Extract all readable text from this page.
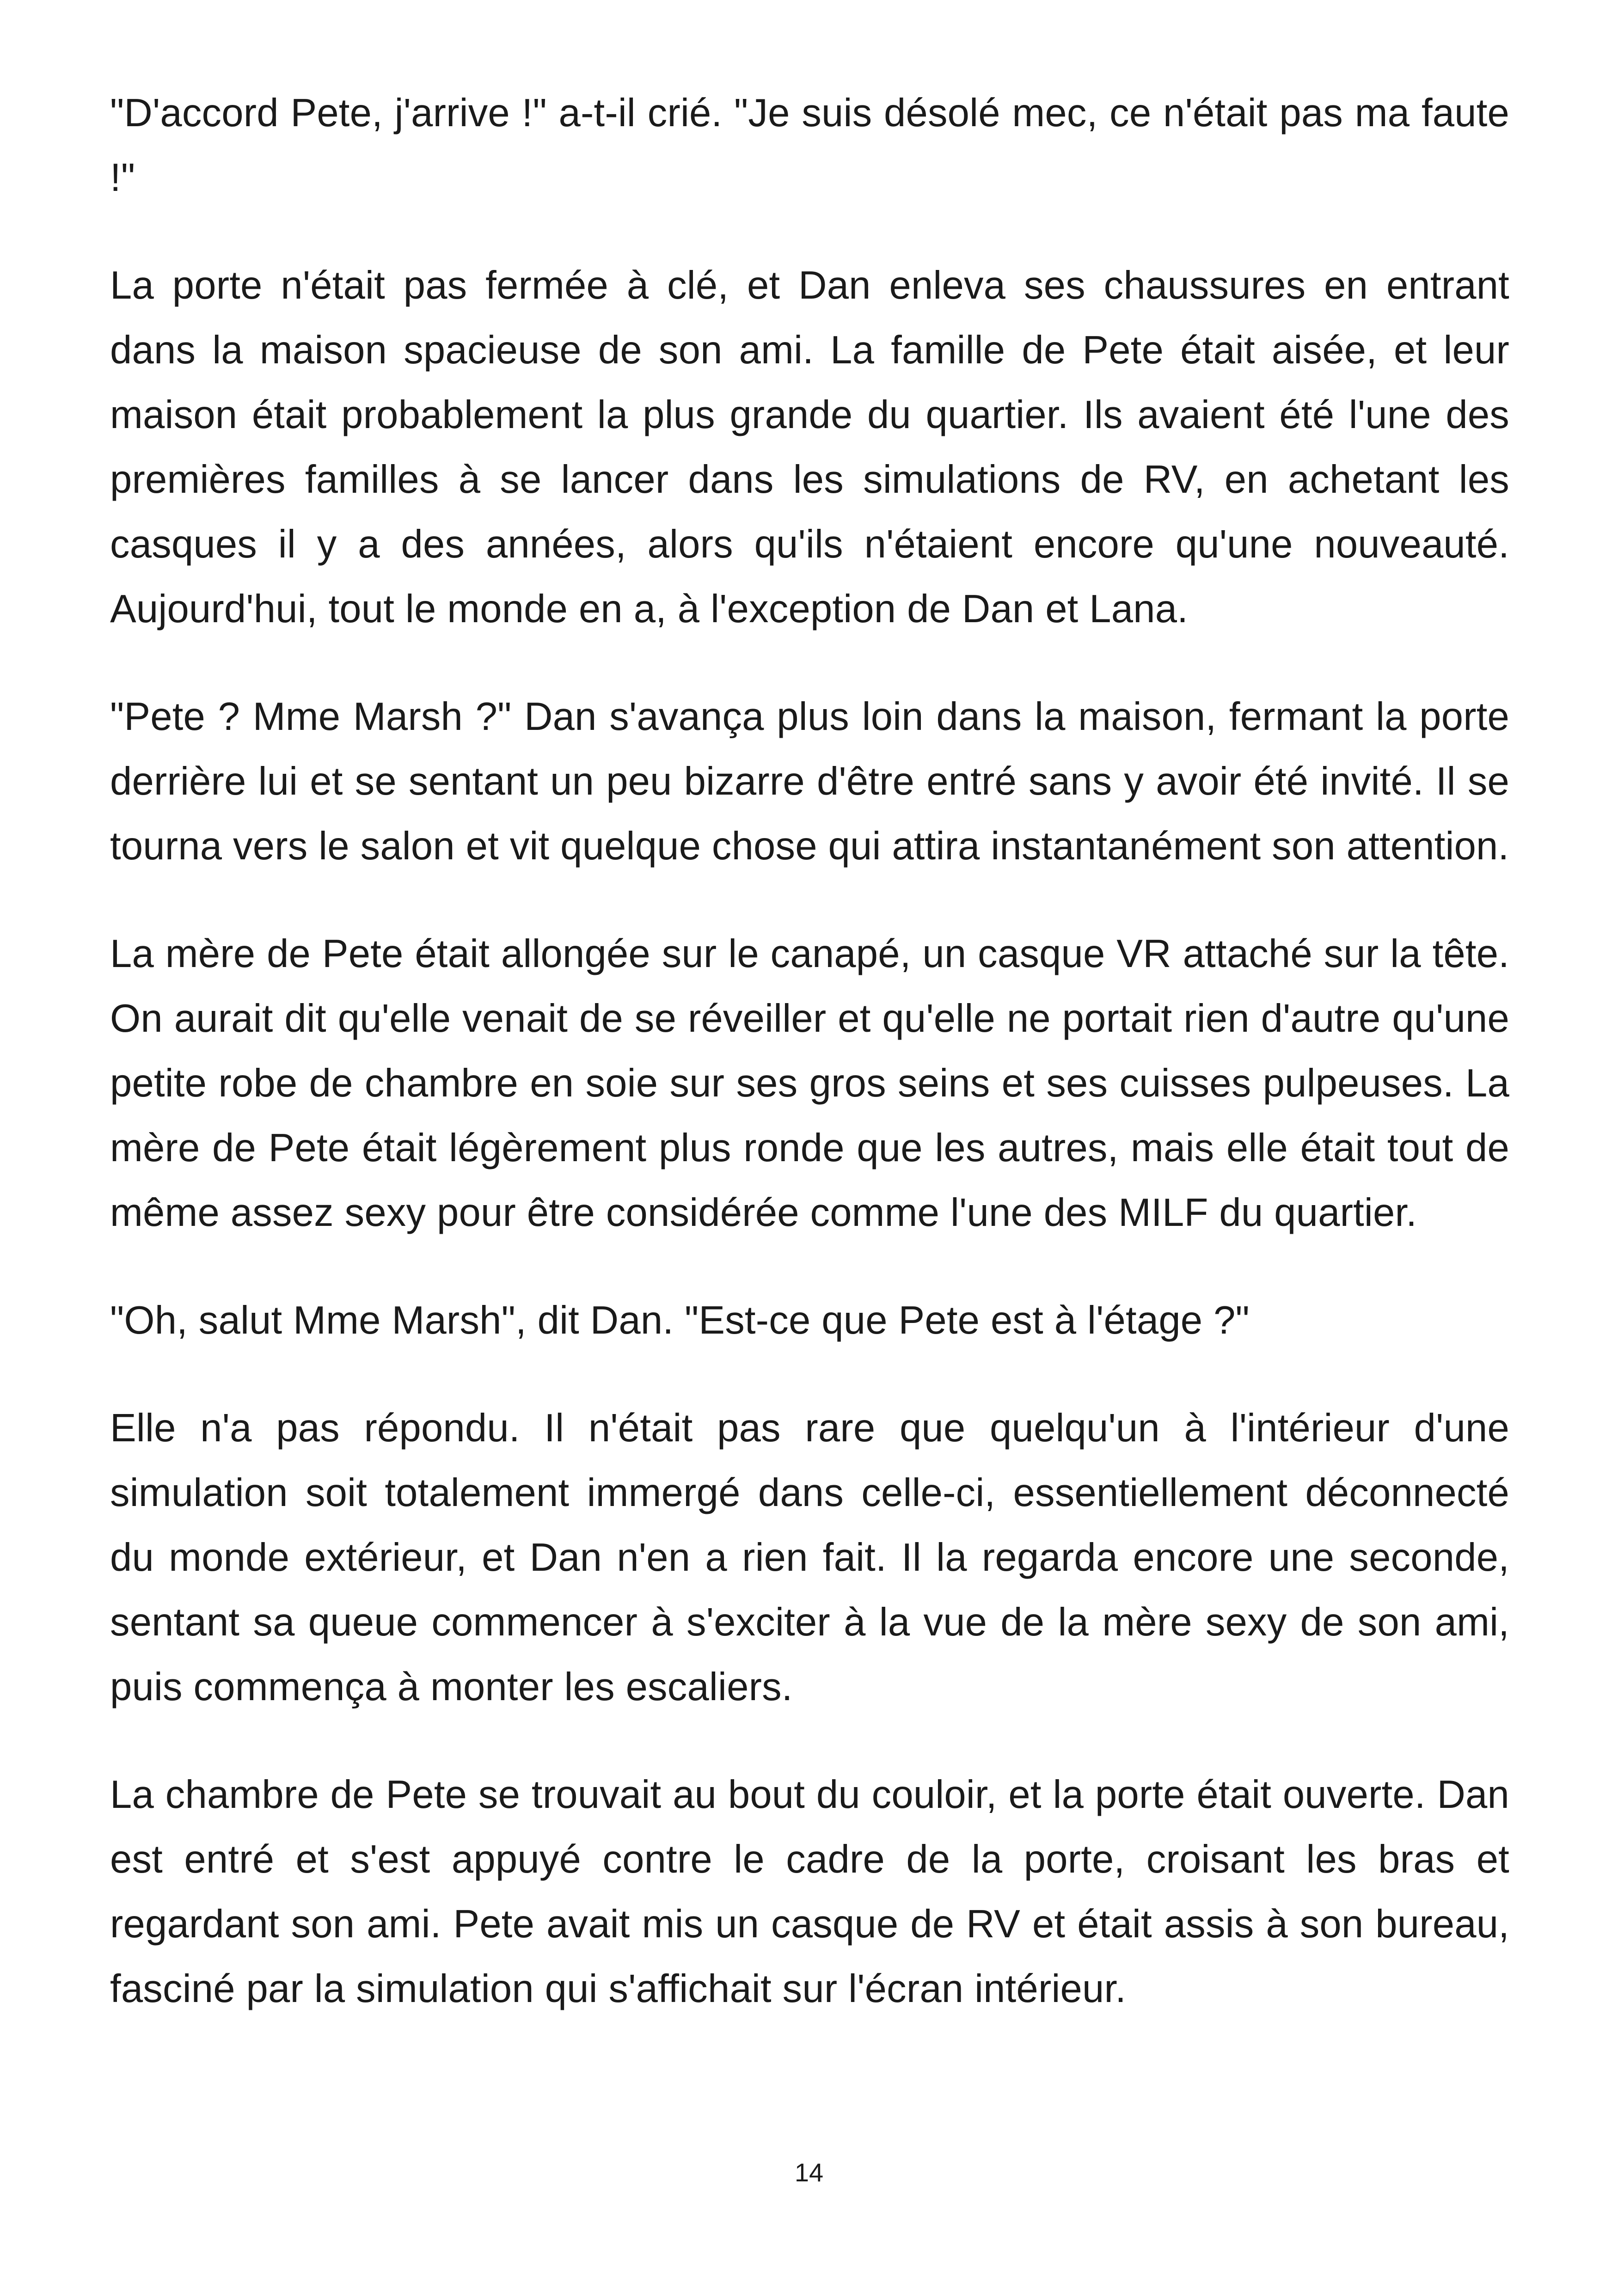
"D'accord Pete, j'arrive !" a-t-il crié. "Je suis désolé mec, ce n'était pas ma faute !"

La porte n'était pas fermée à clé, et Dan enleva ses chaussures en entrant dans la maison spacieuse de son ami. La famille de Pete était aisée, et leur maison était probablement la plus grande du quartier. Ils avaient été l'une des premières familles à se lancer dans les simulations de RV, en achetant les casques il y a des années, alors qu'ils n'étaient encore qu'une nouveauté. Aujourd'hui, tout le monde en a, à l'exception de Dan et Lana.

"Pete ? Mme Marsh ?" Dan s'avança plus loin dans la maison, fermant la porte derrière lui et se sentant un peu bizarre d'être entré sans y avoir été invité. Il se tourna vers le salon et vit quelque chose qui attira instantanément son attention.

La mère de Pete était allongée sur le canapé, un casque VR attaché sur la tête. On aurait dit qu'elle venait de se réveiller et qu'elle ne portait rien d'autre qu'une petite robe de chambre en soie sur ses gros seins et ses cuisses pulpeuses. La mère de Pete était légèrement plus ronde que les autres, mais elle était tout de même assez sexy pour être considérée comme l'une des MILF du quartier.

"Oh, salut Mme Marsh", dit Dan. "Est-ce que Pete est à l'étage ?"

Elle n'a pas répondu. Il n'était pas rare que quelqu'un à l'intérieur d'une simulation soit totalement immergé dans celle-ci, essentiellement déconnecté du monde extérieur, et Dan n'en a rien fait. Il la regarda encore une seconde, sentant sa queue commencer à s'exciter à la vue de la mère sexy de son ami, puis commença à monter les escaliers.

La chambre de Pete se trouvait au bout du couloir, et la porte était ouverte. Dan est entré et s'est appuyé contre le cadre de la porte, croisant les bras et regardant son ami. Pete avait mis un casque de RV et était assis à son bureau, fasciné par la simulation qui s'affichait sur l'écran intérieur.

14
